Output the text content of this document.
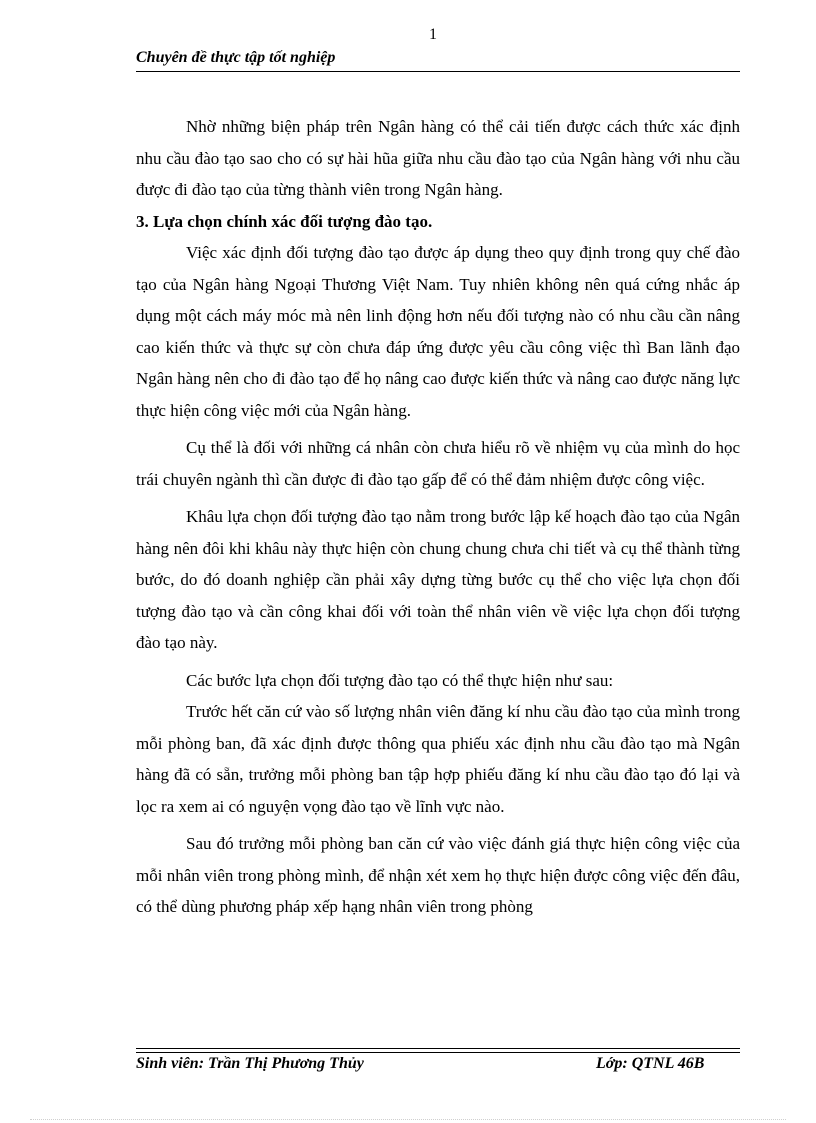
1
Chuyên đề thực tập tốt nghiệp

Nhờ những biện pháp trên Ngân hàng có thể cải tiến được cách thức xác định nhu cầu đào tạo sao cho có sự hài hũa giữa nhu cầu đào tạo của Ngân hàng với nhu cầu được đi đào tạo của từng thành viên trong Ngân hàng.

3. Lựa chọn chính xác đối tượng đào tạo.

Việc xác định đối tượng đào tạo được áp dụng theo quy định trong quy chế đào tạo của Ngân hàng Ngoại Thương Việt Nam. Tuy nhiên không nên quá cứng nhắc áp dụng một cách máy móc mà nên linh động hơn nếu đối tượng nào có nhu cầu cần nâng cao kiến thức và thực sự còn chưa đáp ứng được yêu cầu công việc thì Ban lãnh đạo Ngân hàng nên cho đi đào tạo để họ nâng cao được kiến thức và nâng cao được năng lực thực hiện công việc mới của Ngân hàng.

Cụ thể là đối với những cá nhân còn chưa hiểu rõ về nhiệm vụ của mình do học trái chuyên ngành thì cần được đi đào tạo gấp để có thể đảm nhiệm được công việc.

Khâu lựa chọn đối tượng đào tạo nằm trong bước lập kế hoạch đào tạo của Ngân hàng nên đôi khi khâu này thực hiện còn chung chung chưa chi tiết và cụ thể thành từng bước, do đó doanh nghiệp cần phải xây dựng từng bước cụ thể cho việc lựa chọn đối tượng đào tạo và cần công khai đối với toàn thể nhân viên về việc lựa chọn đối tượng đào tạo này.

Các bước lựa chọn đối tượng đào tạo có thể thực hiện như sau:

Trước hết căn cứ vào số lượng nhân viên đăng kí nhu cầu đào tạo của mình trong mỗi phòng ban, đã xác định được thông qua phiếu xác định nhu cầu đào tạo mà Ngân hàng đã có sẵn, trưởng mỗi phòng ban tập hợp phiếu đăng kí nhu cầu đào tạo đó lại và lọc ra xem ai có nguyện vọng đào tạo về lĩnh vực nào.

Sau đó trưởng mỗi phòng ban căn cứ vào việc đánh giá thực hiện công việc của mỗi nhân viên trong phòng mình, để nhận xét xem họ thực hiện được công việc đến đâu, có thể dùng phương pháp xếp hạng nhân viên trong phòng

Sinh viên: Trần Thị Phương Thủy	Lớp: QTNL 46B
